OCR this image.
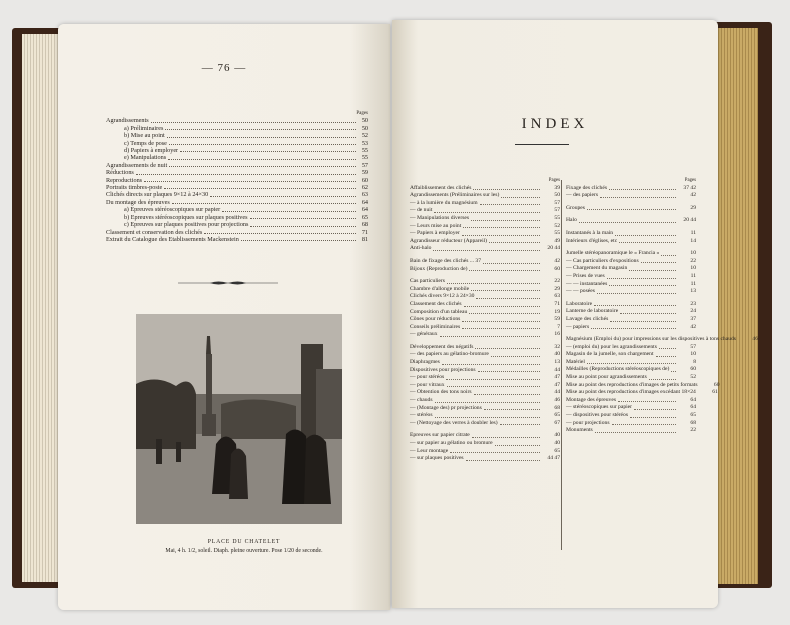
— 76 —
Pages
Agrandissements	50
a) Préliminaires	50
b) Mise au point	52
c) Temps de pose	53
d) Papiers à employer	55
e) Manipulations	55
Agrandissements de nuit	57
Réductions	59
Reproductions	60
Portraits timbres-poste	62
Clichés directs sur plaques 9×12 à 24×30	63
Du montage des épreuves	64
a) Epreuves stéréoscopiques sur papier	64
b) Epreuves stéréoscopiques sur plaques positives	65
c) Epreuves sur plaques positives pour projections	68
Classement et conservation des clichés	71
Extrait du Catalogue des Etablissements Mackenstein	81
PLACE DU CHATELET
Mai, 4 h. 1/2, soleil. Diaph. pleine ouverture. Pose 1/20 de seconde.
INDEX
Pages
Affaiblissement des clichés	39
Agrandissements (Préliminaires sur les)	50
— à la lumière du magnésium	57
— de nuit	57
— Manipulations diverses	55
— Leurs mise au point	52
— Papiers à employer	55
Agrandisseur réducteur (Appareil)	49
Anti-halo	20 44
Bain de fixage des clichés ... 37	42
Bijoux (Reproduction de)	60
Cas particuliers	22
Chambre d'allonge mobile	29
Clichés divers 9×12 à 24×30	63
Classement des clichés	71
Composition d'un tableau	19
Cônes pour réductions	59
Conseils préliminaires	7
— généraux	16
Développement des négatifs	32
— des papiers au gélatino-bromure	40
Diaphragmes	13
Dispositives pour projections	44
— pour stéréos	47
— pour vitraux	47
— Obtention des tons noirs	44
— chauds	46
— (Montage des) pr projections	68
— stéréos	65
— (Nettoyage des verres à doubler les)	67
Epreuves sur papier citrate	40
— sur papier au gélatino ou bromure	40
— Leur montage	65
— sur plaques positives	44 47
Pages
Fixage des clichés	37 42
— des papiers	42
Groupes	29
Halo	20 44
Instantanés à la main	11
Intérieurs d'églises, etc	14
Jumelle stéréopanoramique le « Francia »	10
— Cas particuliers d'expositions	22
— Chargement du magasin	10
— Prises de vues	11
— — instantanées	11
— — posées	13
Laboratoire	23
Lanterne de laboratoire	24
Lavage des clichés	37
— papiers	42
Magnésium (Emploi du) pour impressions sur les dispositives à tons chauds	46
— (emploi du) pour les agrandissements	57
Magasin de la jumelle, son chargement	10
Matériel	8
Médailles (Reproductions stéréoscopiques de)	60
Mise au point pour agrandissements	52
Mise au point des reproductions d'images de petits formats	60
Mise au point des reproductions d'images excédant 18×24	61
Montage des épreuves	64
— stéréoscopiques sur papier	64
— dispositives pour stéréos	65
— pour projections	68
Monuments	22
